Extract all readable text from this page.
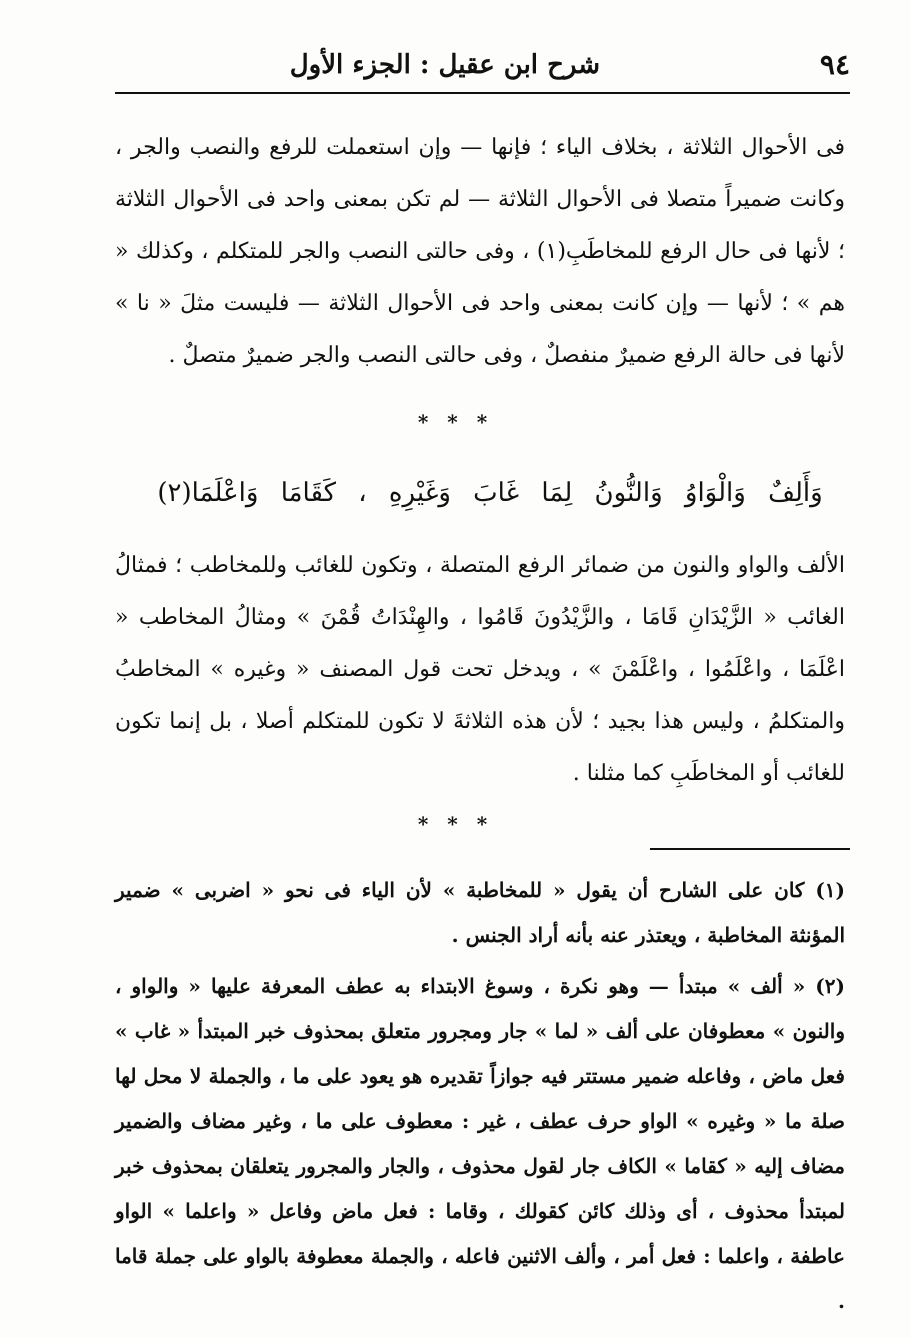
٩٤
شرح ابن عقيل : الجزء الأول

فى الأحوال الثلاثة ، بخلاف الياء ؛ فإنها — وإن استعملت للرفع والنصب والجر ، وكانت ضميراً متصلا فى الأحوال الثلاثة — لم تكن بمعنى واحد فى الأحوال الثلاثة ؛ لأنها فى حال الرفع للمخاطَبِ(١) ، وفى حالتى النصب والجر للمتكلم ، وكذلك « هم » ؛ لأنها — وإن كانت بمعنى واحد فى الأحوال الثلاثة — فليست مثلَ « نا » لأنها فى حالة الرفع ضميرٌ منفصلٌ ، وفى حالتى النصب والجر ضميرٌ متصلٌ .

* * *
وَأَلِفٌ وَالْوَاوُ وَالنُّونُ لِمَا غَابَ وَغَيْرِهِ ، كَقَامَا وَاعْلَمَا(٢)

الألف والواو والنون من ضمائر الرفع المتصلة ، وتكون للغائب وللمخاطب ؛ فمثالُ الغائب « الزَّيْدَانِ قَامَا ، والزَّيْدُونَ قَامُوا ، والهِنْدَاتُ قُمْنَ » ومثالُ المخاطب « اعْلَمَا ، واعْلَمُوا ، واعْلَمْنَ » ، ويدخل تحت قول المصنف « وغيره » المخاطبُ والمتكلمُ ، وليس هذا بجيد ؛ لأن هذه الثلاثةَ لا تكون للمتكلم أصلا ، بل إنما تكون للغائب أو المخاطَبِ كما مثلنا .

* * *

(١) كان على الشارح أن يقول « للمخاطبة » لأن الياء فى نحو « اضربى » ضمير المؤنثة المخاطبة ، ويعتذر عنه بأنه أراد الجنس .

(٢) « ألف » مبتدأ — وهو نكرة ، وسوغ الابتداء به عطف المعرفة عليها « والواو ، والنون » معطوفان على ألف « لما » جار ومجرور متعلق بمحذوف خبر المبتدأ « غاب » فعل ماض ، وفاعله ضمير مستتر فيه جوازاً تقديره هو يعود على ما ، والجملة لا محل لها صلة ما « وغيره » الواو حرف عطف ، غير : معطوف على ما ، وغير مضاف والضمير مضاف إليه « كقاما » الكاف جار لقول محذوف ، والجار والمجرور يتعلقان بمحذوف خبر لمبتدأ محذوف ، أى وذلك كائن كقولك ، وقاما : فعل ماض وفاعل « واعلما » الواو عاطفة ، واعلما : فعل أمر ، وألف الاثنين فاعله ، والجملة معطوفة بالواو على جملة قاما .
